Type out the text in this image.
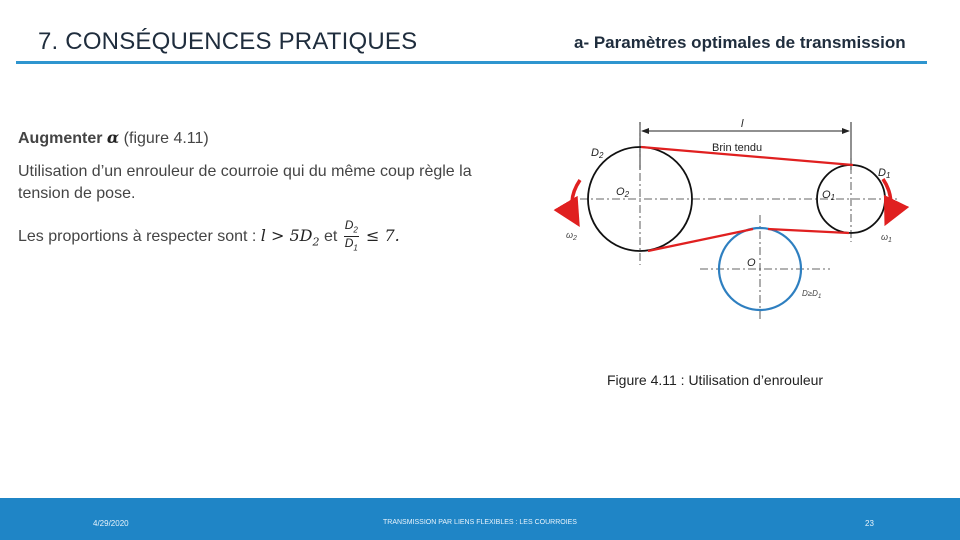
7. CONSÉQUENCES PRATIQUES	a- Paramètres optimales de transmission

Augmenter α (figure 4.11)

Utilisation d’un enrouleur de courroie qui du même coup règle la tension de pose.

Les proportions à respecter sont : $l > 5D_2$ et $\frac{D_2}{D_1} \le 7$.

l
Brin tendu
D2
D1
O2	O1
O
$\omega_2$	$\omega_1$
$D\ge D_1$
Figure 4.11 : Utilisation d’enrouleur
4/29/2020	TRANSMISSION PAR LIENS FLEXIBLES : LES COURROIES	23
